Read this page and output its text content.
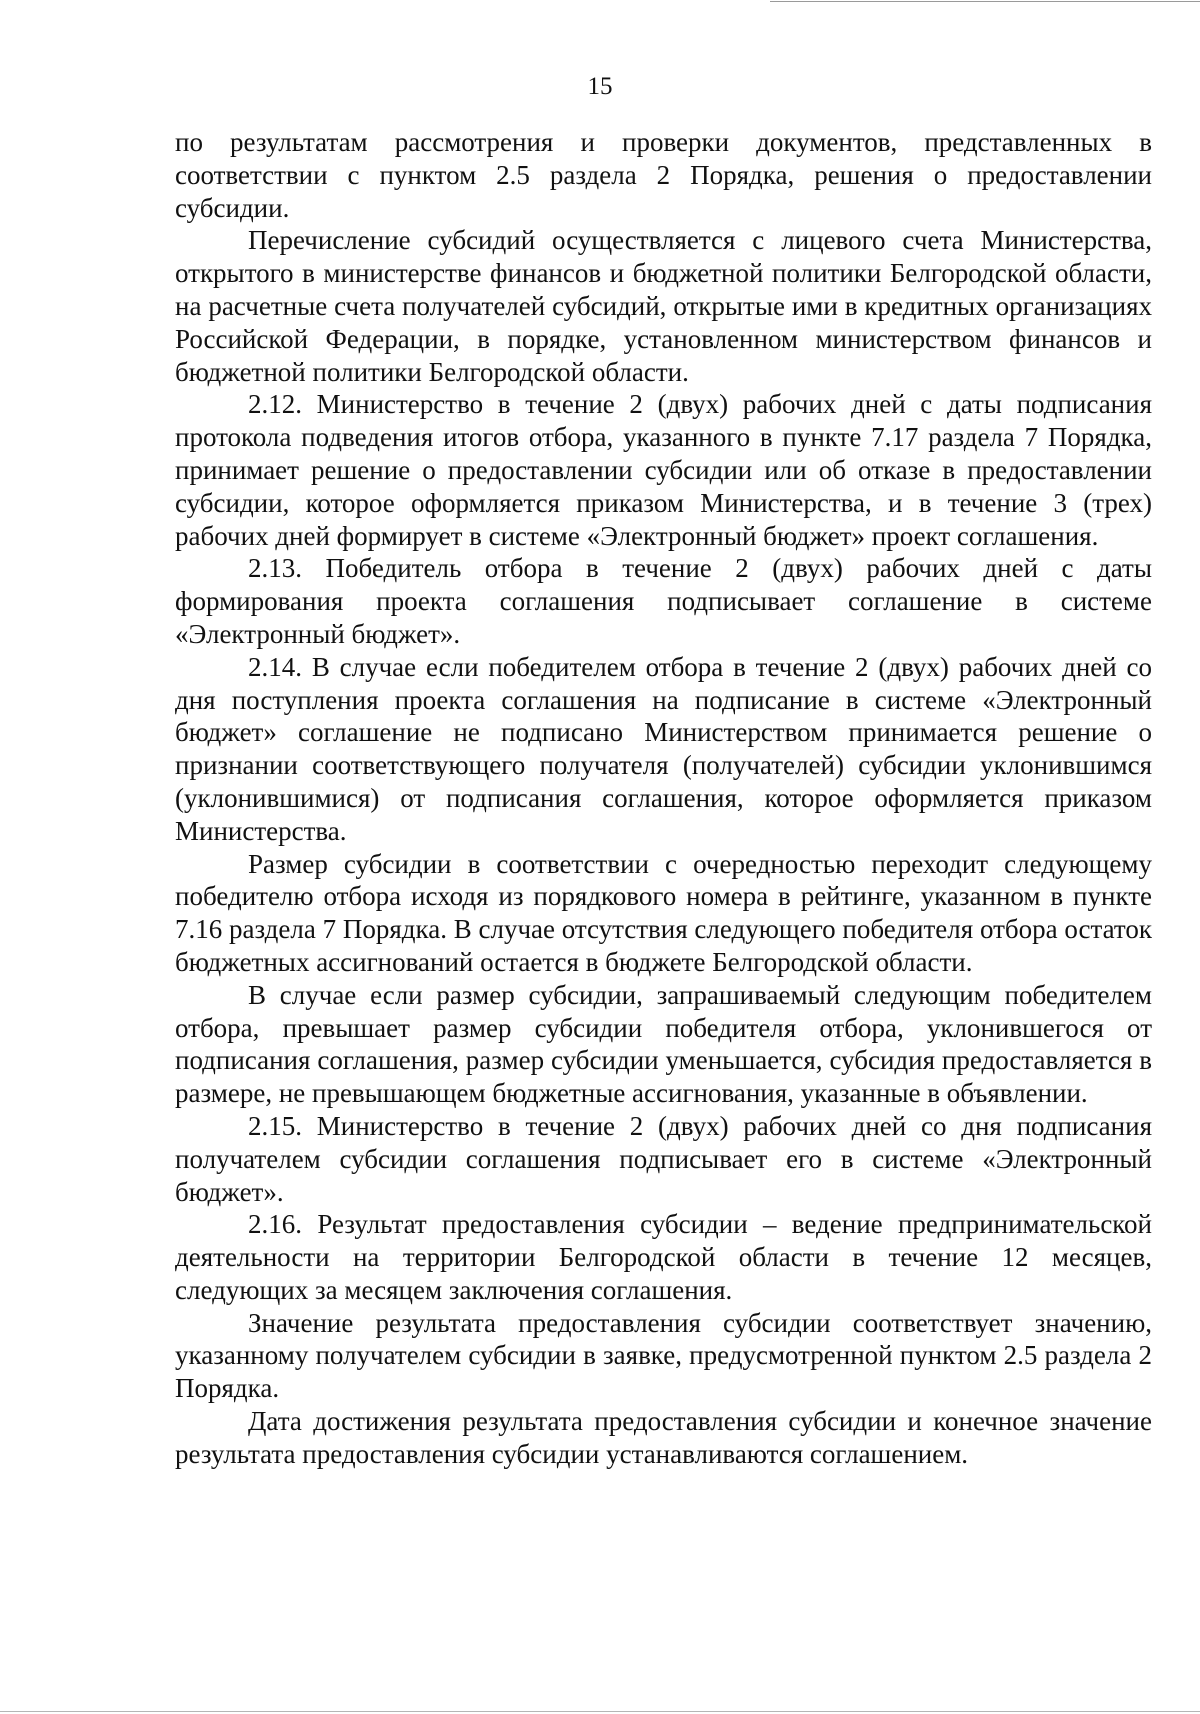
15

по результатам рассмотрения и проверки документов, представленных в соответствии с пунктом 2.5 раздела 2 Порядка, решения о предоставлении субсидии.

Перечисление субсидий осуществляется с лицевого счета Министерства, открытого в министерстве финансов и бюджетной политики Белгородской области, на расчетные счета получателей субсидий, открытые ими в кредитных организациях Российской Федерации, в порядке, установленном министерством финансов и бюджетной политики Белгородской области.

2.12. Министерство в течение 2 (двух) рабочих дней с даты подписания протокола подведения итогов отбора, указанного в пункте 7.17 раздела 7 Порядка, принимает решение о предоставлении субсидии или об отказе в предоставлении субсидии, которое оформляется приказом Министерства, и в течение 3 (трех) рабочих дней формирует в системе «Электронный бюджет» проект соглашения.

2.13. Победитель отбора в течение 2 (двух) рабочих дней с даты формирования проекта соглашения подписывает соглашение в системе «Электронный бюджет».

2.14. В случае если победителем отбора в течение 2 (двух) рабочих дней со дня поступления проекта соглашения на подписание в системе «Электронный бюджет» соглашение не подписано Министерством принимается решение о признании соответствующего получателя (получателей) субсидии уклонившимся (уклонившимися) от подписания соглашения, которое оформляется приказом Министерства.

Размер субсидии в соответствии с очередностью переходит следующему победителю отбора исходя из порядкового номера в рейтинге, указанном в пункте 7.16 раздела 7 Порядка. В случае отсутствия следующего победителя отбора остаток бюджетных ассигнований остается в бюджете Белгородской области.

В случае если размер субсидии, запрашиваемый следующим победителем отбора, превышает размер субсидии победителя отбора, уклонившегося от подписания соглашения, размер субсидии уменьшается, субсидия предоставляется в размере, не превышающем бюджетные ассигнования, указанные в объявлении.

2.15. Министерство в течение 2 (двух) рабочих дней со дня подписания получателем субсидии соглашения подписывает его в системе «Электронный бюджет».

2.16. Результат предоставления субсидии – ведение предпринимательской деятельности на территории Белгородской области в течение 12 месяцев, следующих за месяцем заключения соглашения.

Значение результата предоставления субсидии соответствует значению, указанному получателем субсидии в заявке, предусмотренной пунктом 2.5 раздела 2 Порядка.

Дата достижения результата предоставления субсидии и конечное значение результата предоставления субсидии устанавливаются соглашением.
